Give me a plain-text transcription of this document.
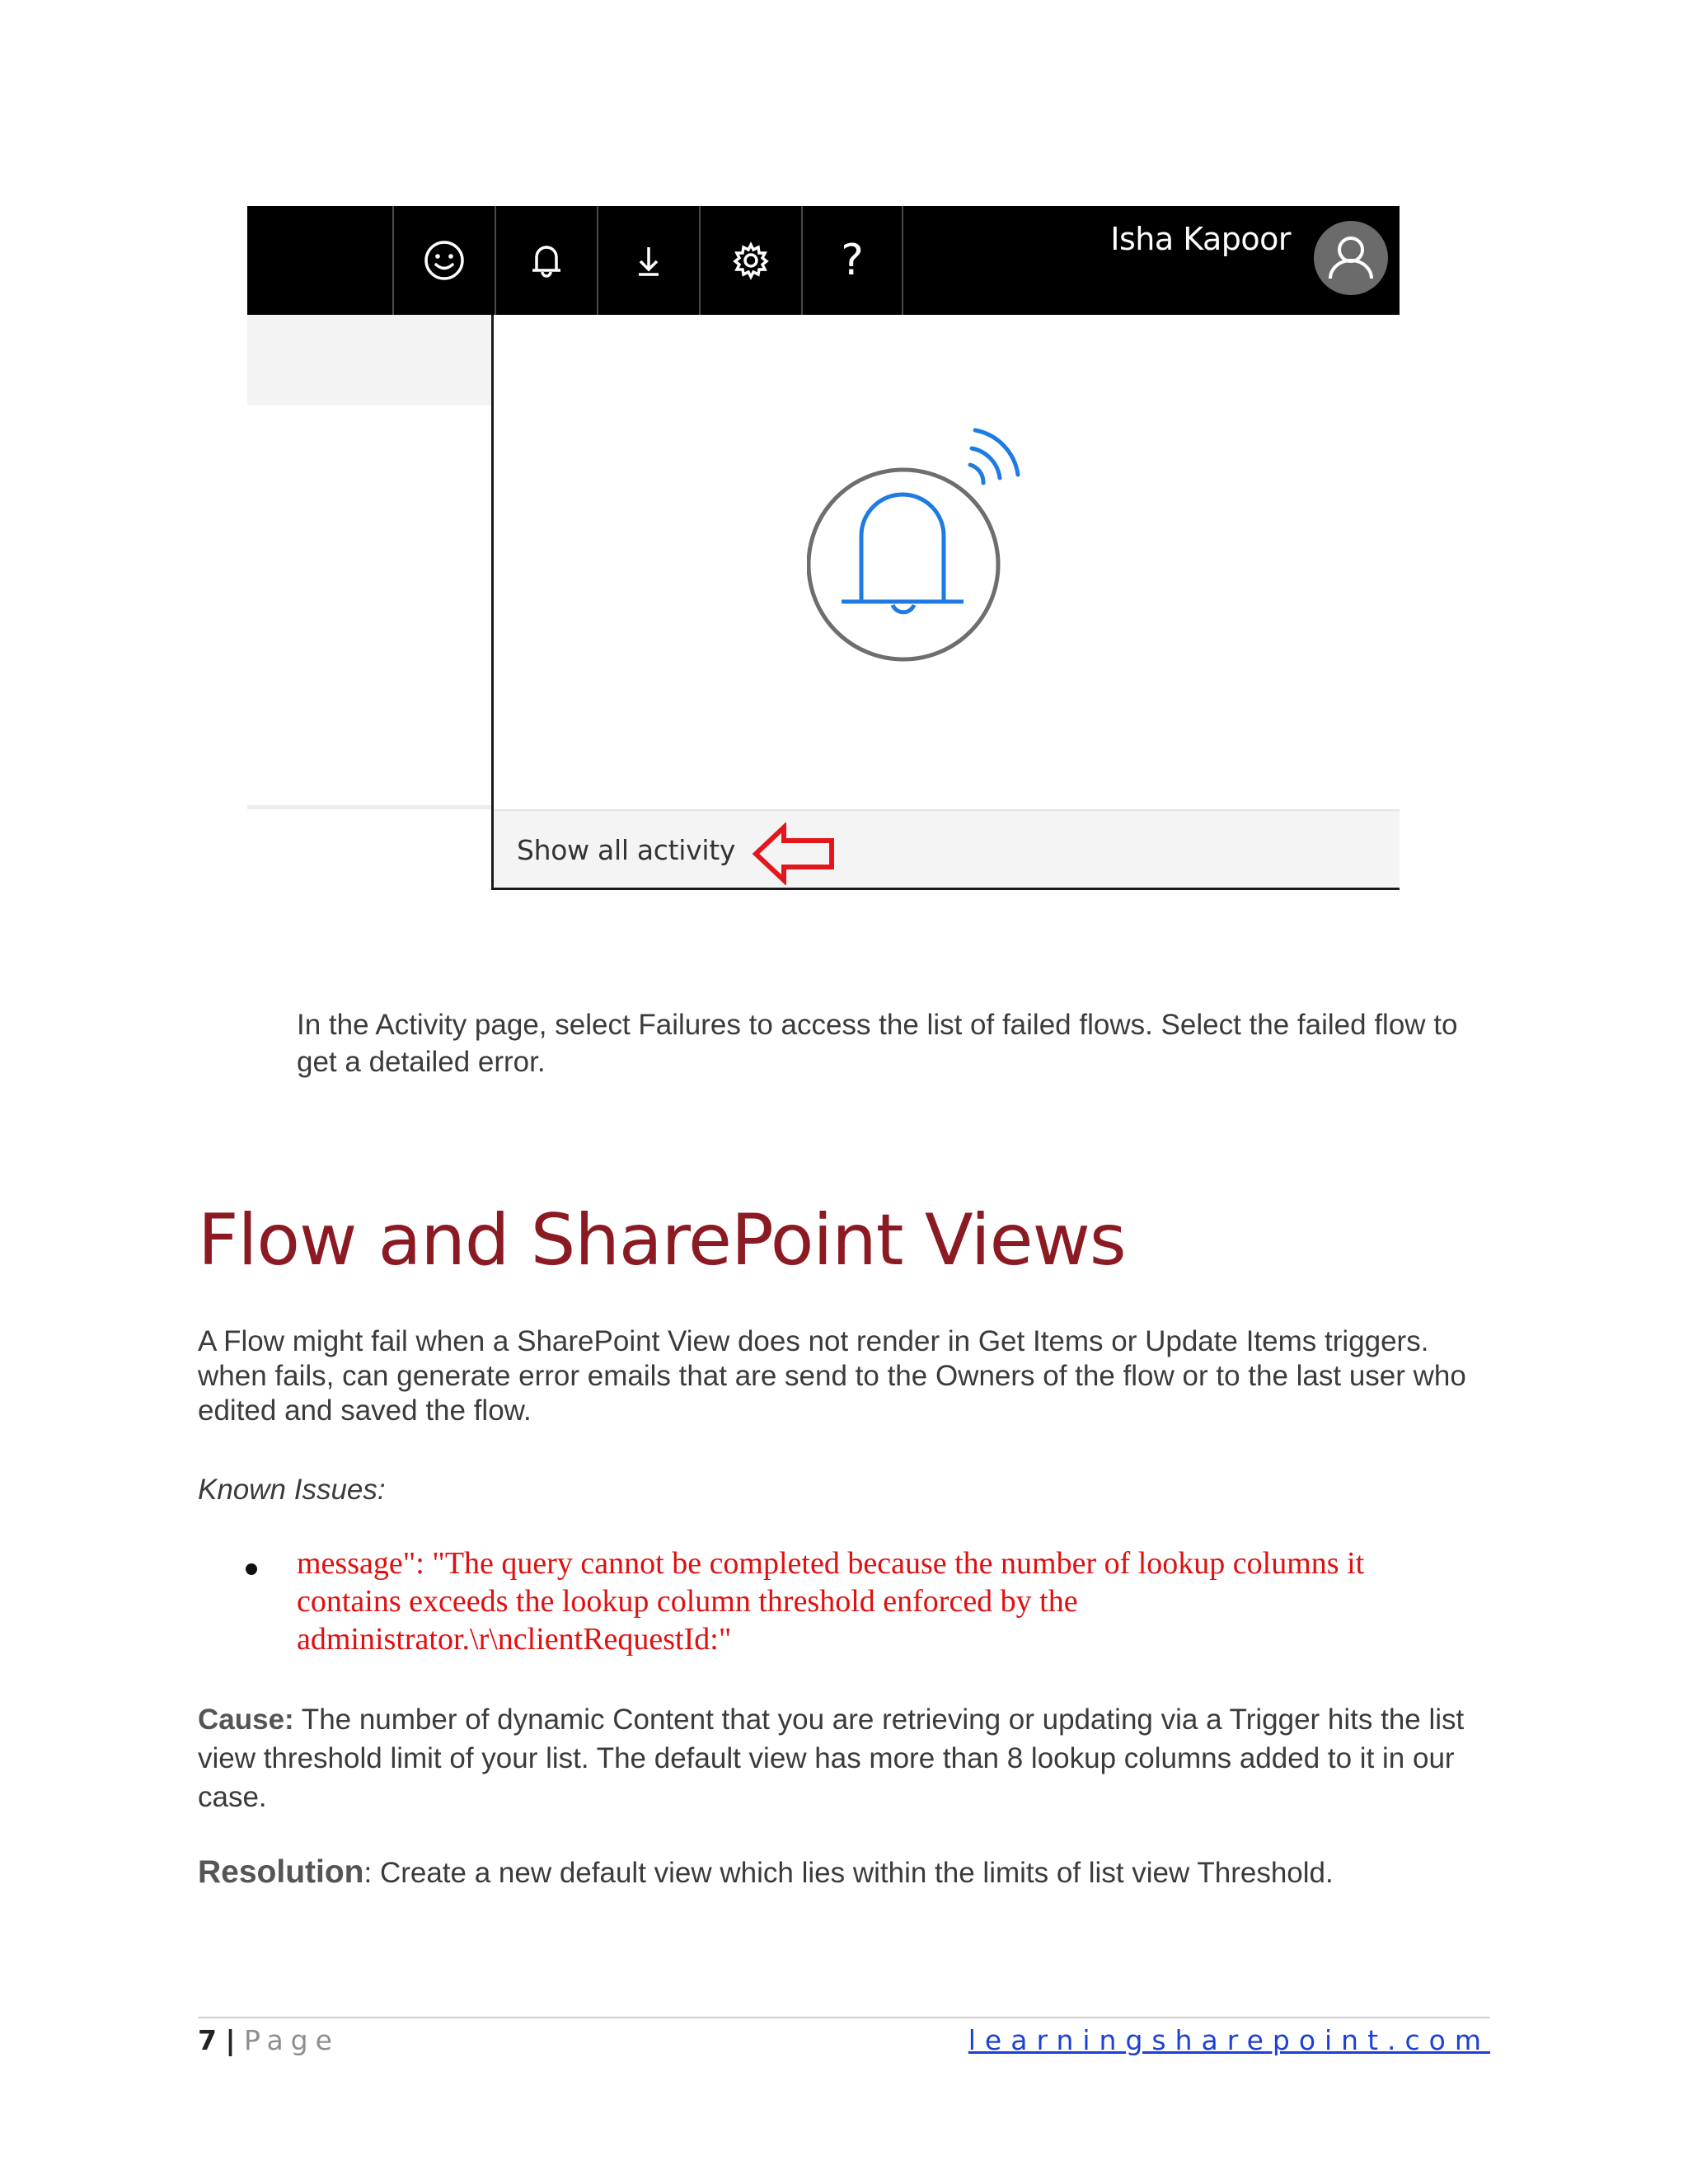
?	Isha Kapoor
Show all activity

In the Activity page, select Failures to access the list of failed flows. Select the failed flow to get a detailed error.

Flow and SharePoint Views

A Flow might fail when a SharePoint View does not render in Get Items or Update Items triggers. when fails, can generate error emails that are send to the Owners of the flow or to the last user who edited and saved the flow.

Known Issues:

message": "The query cannot be completed because the number of lookup columns it contains exceeds the lookup column threshold enforced by the administrator.\r\nclientRequestId:"

Cause: The number of dynamic Content that you are retrieving or updating via a Trigger hits the list view threshold limit of your list. The default view has more than 8 lookup columns added to it in our case.

Resolution: Create a new default view which lies within the limits of list view Threshold.

7 | Page	learningsharepoint.com
